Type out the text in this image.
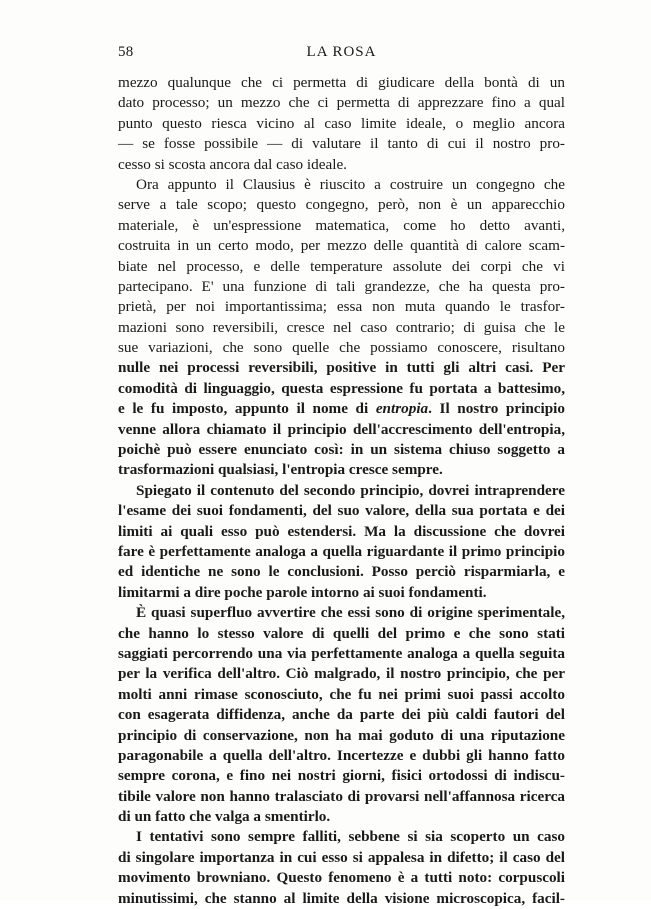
58	LA ROSA
mezzo qualunque che ci permetta di giudicare della bontà di un
dato processo; un mezzo che ci permetta di apprezzare fino a qual
punto questo riesca vicino al caso limite ideale, o meglio ancora
— se fosse possibile — di valutare il tanto di cui il nostro pro-
cesso si scosta ancora dal caso ideale.
Ora appunto il Clausius è riuscito a costruire un congegno che
serve a tale scopo; questo congegno, però, non è un apparecchio
materiale, è un'espressione matematica, come ho detto avanti,
costruita in un certo modo, per mezzo delle quantità di calore scam-
biate nel processo, e delle temperature assolute dei corpi che vi
partecipano. E' una funzione di tali grandezze, che ha questa pro-
prietà, per noi importantissima; essa non muta quando le trasfor-
mazioni sono reversibili, cresce nel caso contrario; di guisa che le
sue variazioni, che sono quelle che possiamo conoscere, risultano
nulle nei processi reversibili, positive in tutti gli altri casi. Per
comodità di linguaggio, questa espressione fu portata a battesimo,
e le fu imposto, appunto il nome di entropia. Il nostro principio
venne allora chiamato il principio dell'accrescimento dell'entropia,
poichè può essere enunciato così: in un sistema chiuso soggetto a
trasformazioni qualsiasi, l'entropia cresce sempre.
Spiegato il contenuto del secondo principio, dovrei intraprendere
l'esame dei suoi fondamenti, del suo valore, della sua portata e dei
limiti ai quali esso può estendersi. Ma la discussione che dovrei
fare è perfettamente analoga a quella riguardante il primo principio
ed identiche ne sono le conclusioni. Posso perciò risparmiarla, e
limitarmi a dire poche parole intorno ai suoi fondamenti.
È quasi superfluo avvertire che essi sono di origine sperimentale,
che hanno lo stesso valore di quelli del primo e che sono stati
saggiati percorrendo una via perfettamente analoga a quella seguita
per la verifica dell'altro. Ciò malgrado, il nostro principio, che per
molti anni rimase sconosciuto, che fu nei primi suoi passi accolto
con esagerata diffidenza, anche da parte dei più caldi fautori del
principio di conservazione, non ha mai goduto di una riputazione
paragonabile a quella dell'altro. Incertezze e dubbi gli hanno fatto
sempre corona, e fino nei nostri giorni, fisici ortodossi di indiscu-
tibile valore non hanno tralasciato di provarsi nell'affannosa ricerca
di un fatto che valga a smentirlo.
I tentativi sono sempre falliti, sebbene si sia scoperto un caso
di singolare importanza in cui esso si appalesa in difetto; il caso del
movimento browniano. Questo fenomeno è a tutti noto: corpuscoli
minutissimi, che stanno al limite della visione microscopica, facil-
